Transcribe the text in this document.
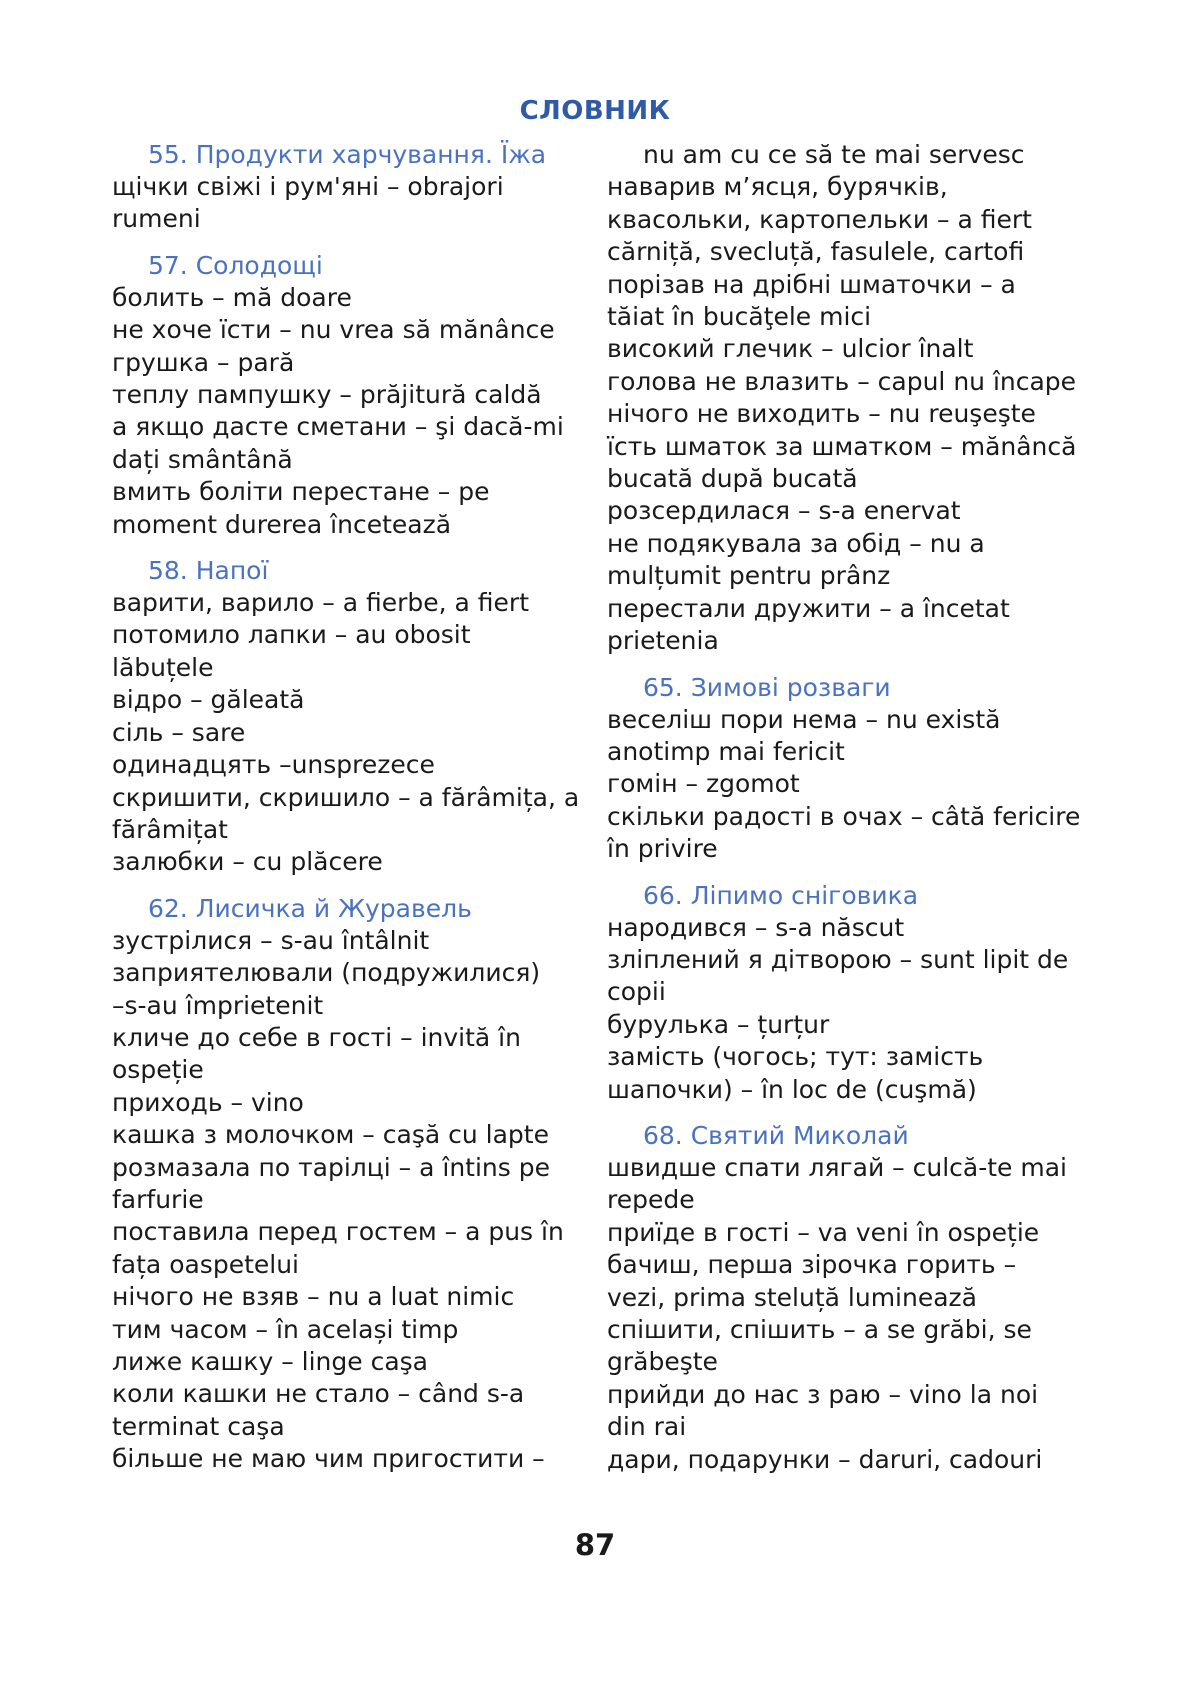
СЛОВНИК
55. Продукти харчування. Їжа
щічки свіжі і рум'яні – obrajori
rumeni
57. Солодощі
болить – mă doare
не хоче їсти – nu vrea să mănânce
грушка – pară
теплу пампушку – prăjitură caldă
а якщо дасте сметани – şi dacă-mi
dați smântână
вмить болiти перестане – pe
moment durerea încetează
58. Напої
варити, варило – a fierbe, a fiert
потомило лапки – au obosit
lăbuțele
відро – găleată
сіль – sare
одинадцять –unsprezece
скришити, скришило – a fărâmița, a
fărâmițat
залюбки – cu plăcere
62. Лисичка й Журавель
зустрілися – s-au întâlnit
заприятелювали (подружилися)
–s-au împrietenit
кличе до себе в гості – invită în
ospeție
приходь – vino
кашка з молочком – caşă cu lapte
розмазала по тарілці – a întins pe
farfurie
поставила перед гостем – a pus în
fața oaspetelui
нічого не взяв – nu a luat nimic
тим часом – în același timp
лиже кашку – linge caşa
коли кашки не стало – când s-a
terminat caşa
більше не маю чим пригостити –
nu am cu ce să te mai servesc
наварив м’ясця, бурячків,
квасольки, картопельки – a fiert
cărniță, svecluță, fasulele, cartofi
порізав на дрібні шматочки – a
tăiat în bucăţele mici
високий глечик – ulcior înalt
голова не влазить – capul nu încape
нічого не виходить – nu reuşeşte
їсть шматок за шматком – mănâncă
bucată după bucată
розсердилася – s-a enervat
не подякувала за обід – nu a
mulțumit pentru prânz
перестали дружити – a încetat
prietenia
65. Зимові розваги
веселіш пори нема – nu există
anotimp mai fericit
гомін – zgomot
скільки радості в очах – câtă fericire
în privire
66. Ліпимо сніговика
народився – s-a născut
зліплений я дітворою – sunt lipit de
copii
бурулька – țurțur
замість (чогось; тут: замість
шапочки) – în loc de (cuşmă)
68. Святий Миколай
швидше спати лягай – culcă-te mai
repede
приїде в гості – va veni în ospeție
бачиш, перша зірочка горить –
vezi, prima steluță luminează
спішити, спішить – a se grăbi, se
grăbeşte
прийди до нас з раю – vino la noi
din rai
дари, подарунки – daruri, cadouri
87
